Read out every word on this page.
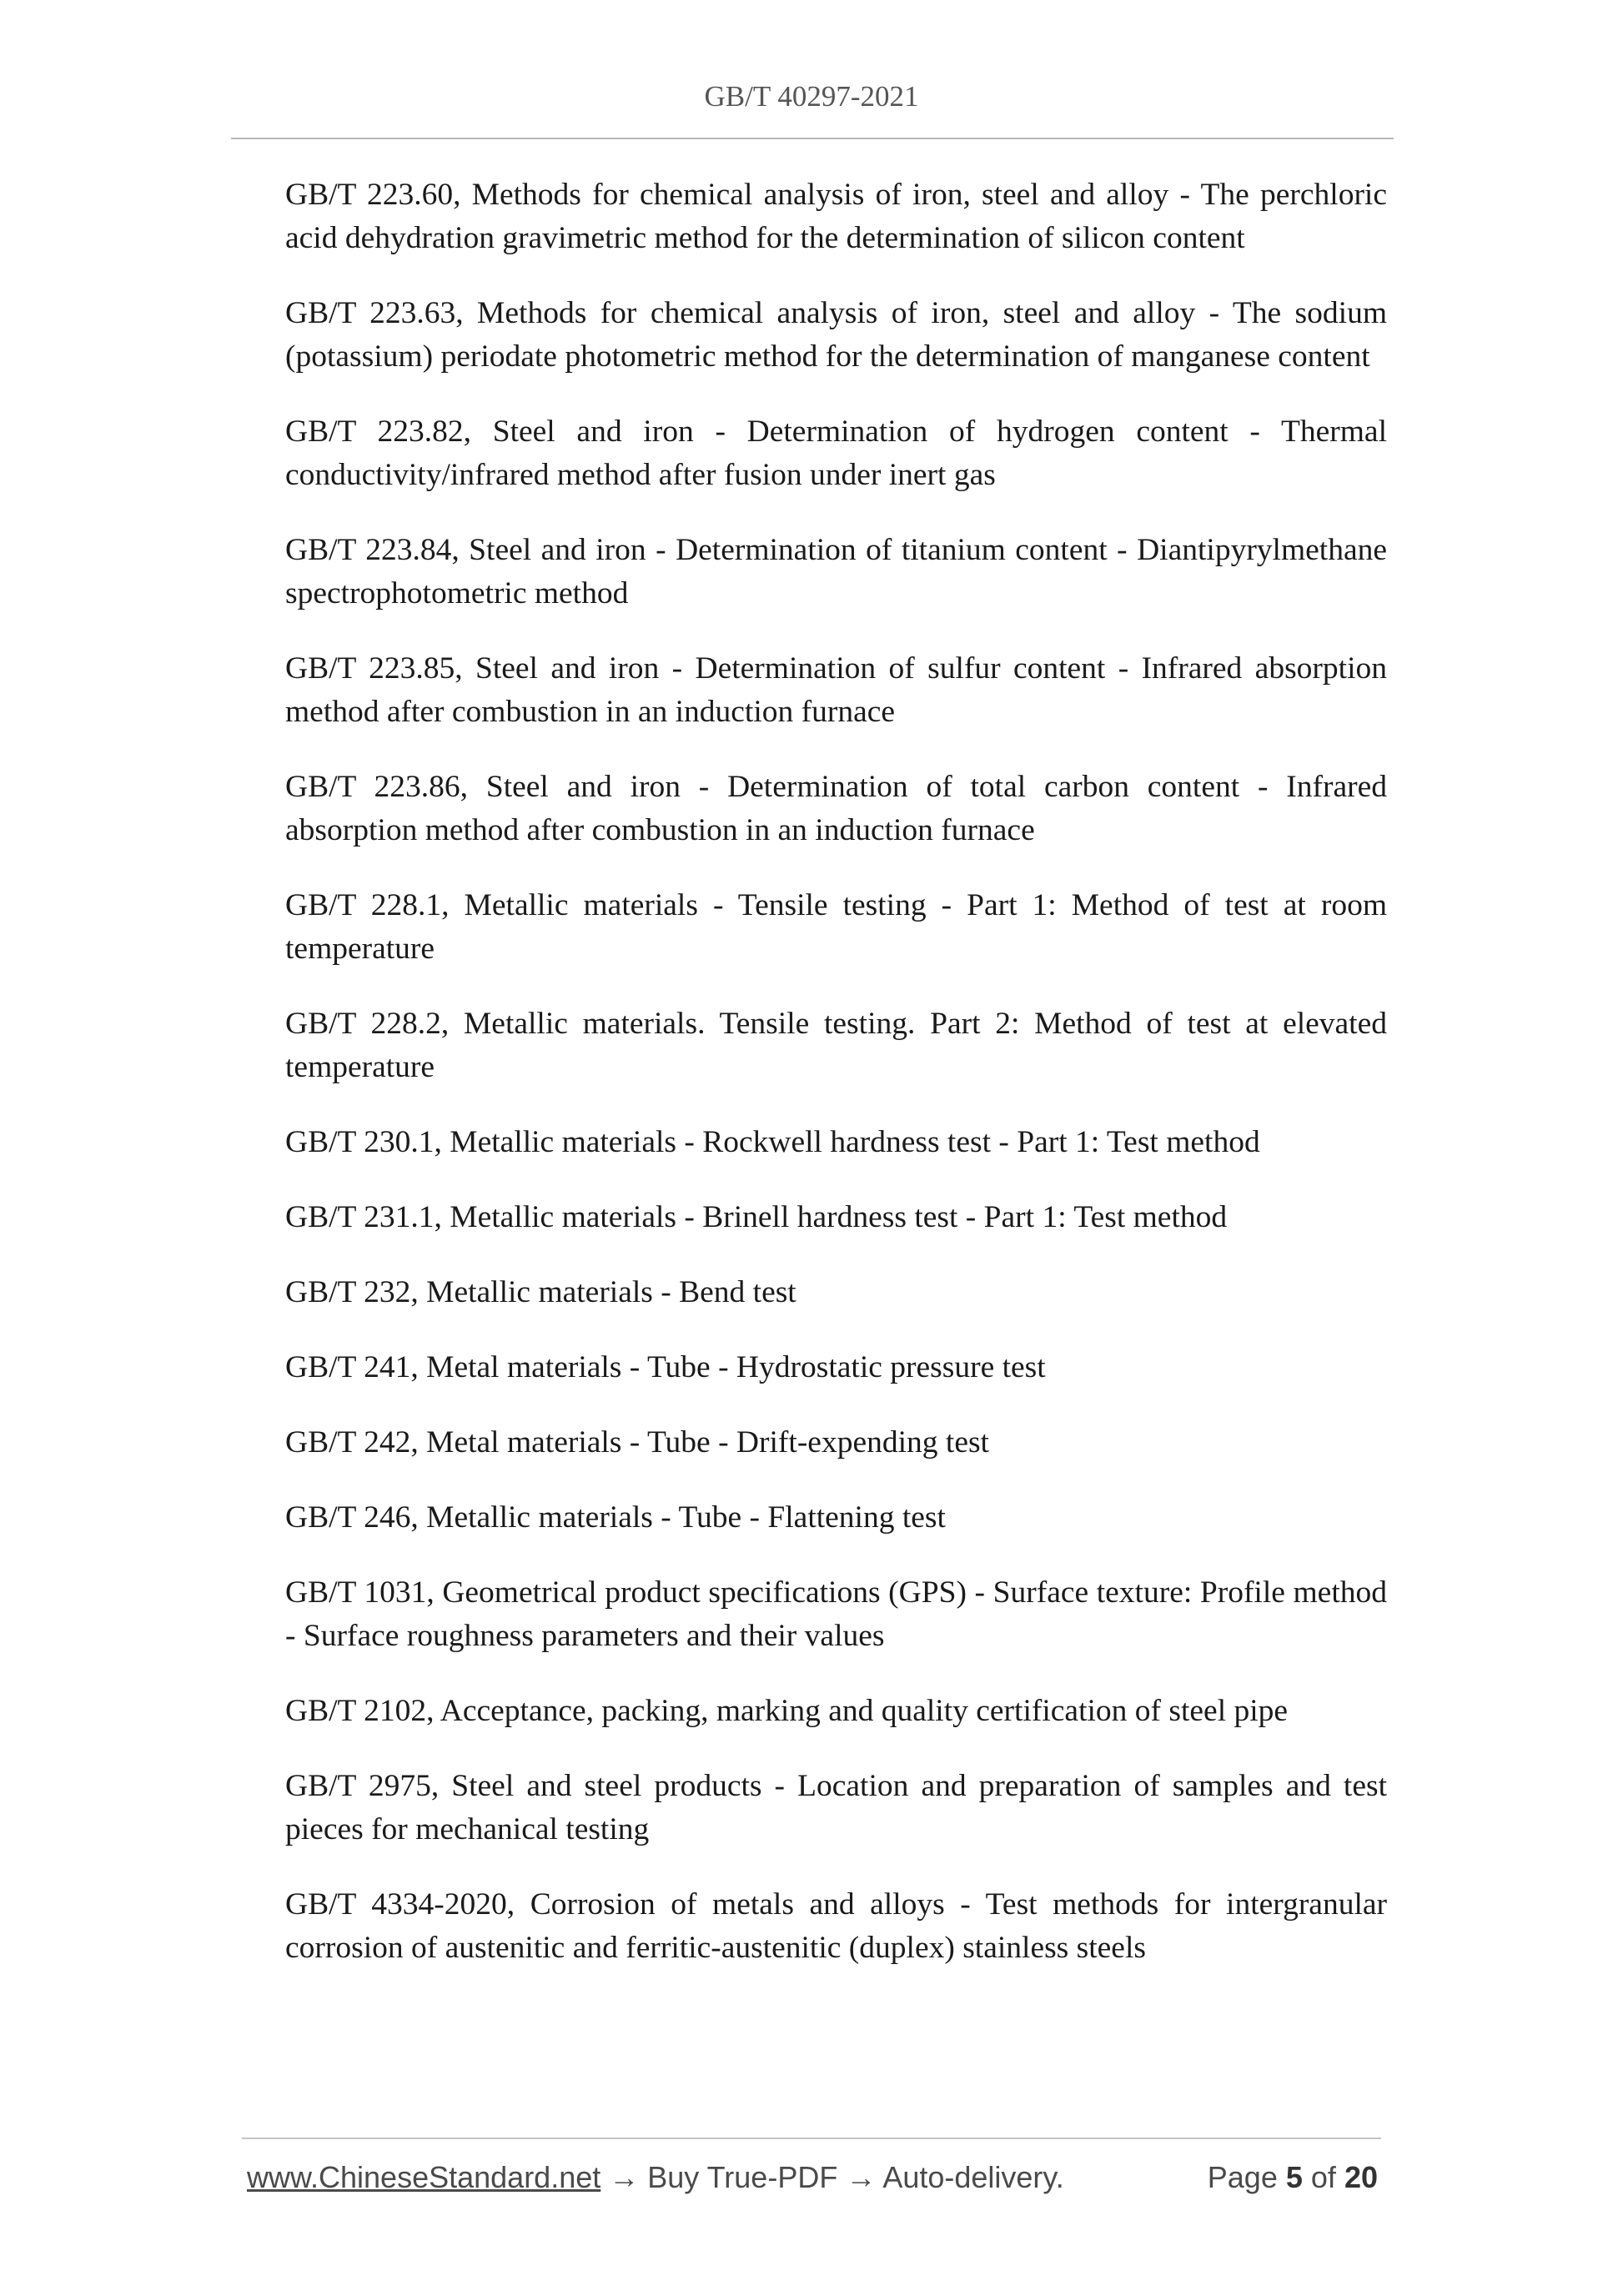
GB/T 40297-2021
GB/T 223.60, Methods for chemical analysis of iron, steel and alloy - The perchloric acid dehydration gravimetric method for the determination of silicon content
GB/T 223.63, Methods for chemical analysis of iron, steel and alloy - The sodium (potassium) periodate photometric method for the determination of manganese content
GB/T 223.82, Steel and iron - Determination of hydrogen content - Thermal conductivity/infrared method after fusion under inert gas
GB/T 223.84, Steel and iron - Determination of titanium content - Diantipyrylmethane spectrophotometric method
GB/T 223.85, Steel and iron - Determination of sulfur content - Infrared absorption method after combustion in an induction furnace
GB/T 223.86, Steel and iron - Determination of total carbon content - Infrared absorption method after combustion in an induction furnace
GB/T 228.1, Metallic materials - Tensile testing - Part 1: Method of test at room temperature
GB/T 228.2, Metallic materials. Tensile testing. Part 2: Method of test at elevated temperature
GB/T 230.1, Metallic materials - Rockwell hardness test - Part 1: Test method
GB/T 231.1, Metallic materials - Brinell hardness test - Part 1: Test method
GB/T 232, Metallic materials - Bend test
GB/T 241, Metal materials - Tube - Hydrostatic pressure test
GB/T 242, Metal materials - Tube - Drift-expending test
GB/T 246, Metallic materials - Tube - Flattening test
GB/T 1031, Geometrical product specifications (GPS) - Surface texture: Profile method - Surface roughness parameters and their values
GB/T 2102, Acceptance, packing, marking and quality certification of steel pipe
GB/T 2975, Steel and steel products - Location and preparation of samples and test pieces for mechanical testing
GB/T 4334-2020, Corrosion of metals and alloys - Test methods for intergranular corrosion of austenitic and ferritic-austenitic (duplex) stainless steels
www.ChineseStandard.net → Buy True-PDF → Auto-delivery.	Page 5 of 20
